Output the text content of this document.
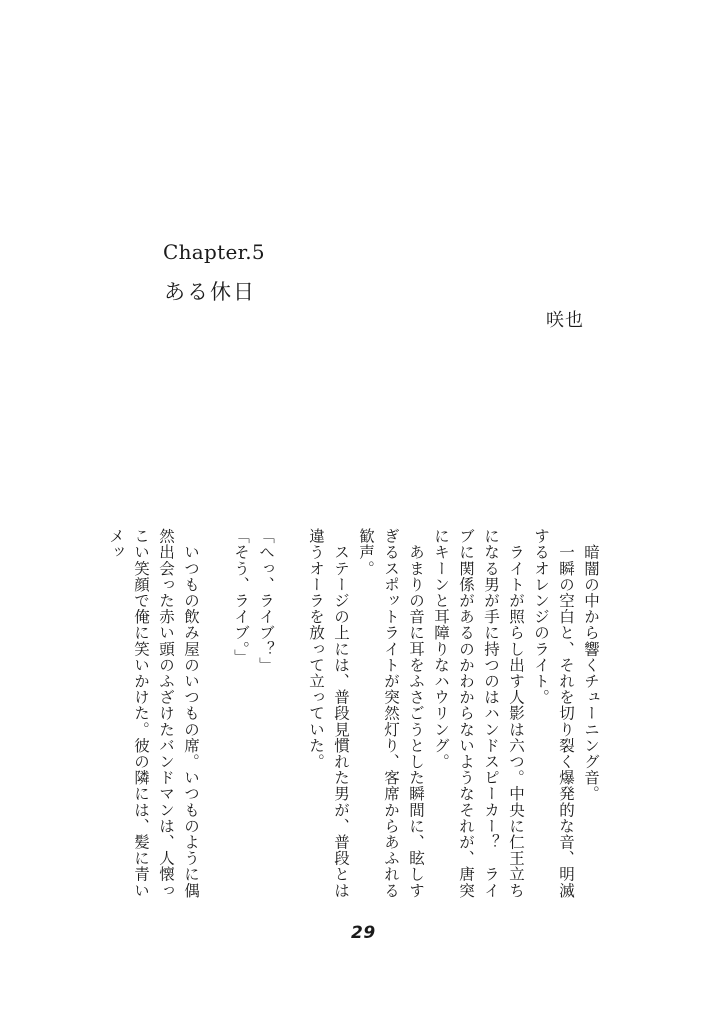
Chapter.5
ある休日
咲也

　暗闇の中から響くチューニング音。

　一瞬の空白と、それを切り裂く爆発的な音、明滅するオレンジのライト。

　ライトが照らし出す人影は六つ。中央に仁王立ちになる男が手に持つのはハンドスピーカー？　ライブに関係があるのかわからないようなそれが、唐突にキーンと耳障りなハウリング。

　あまりの音に耳をふさごうとした瞬間に、眩しすぎるスポットライトが突然灯り、客席からあふれる歓声。

　ステージの上には、普段見慣れた男が、普段とは違うオーラを放って立っていた。

「へっ、ライブ？」

「そう、ライブ。」

　いつもの飲み屋のいつもの席。いつものように偶然出会った赤い頭のふざけたバンドマンは、人懐っこい笑顔で俺に笑いかけた。彼の隣には、髪に青いメッ

29
